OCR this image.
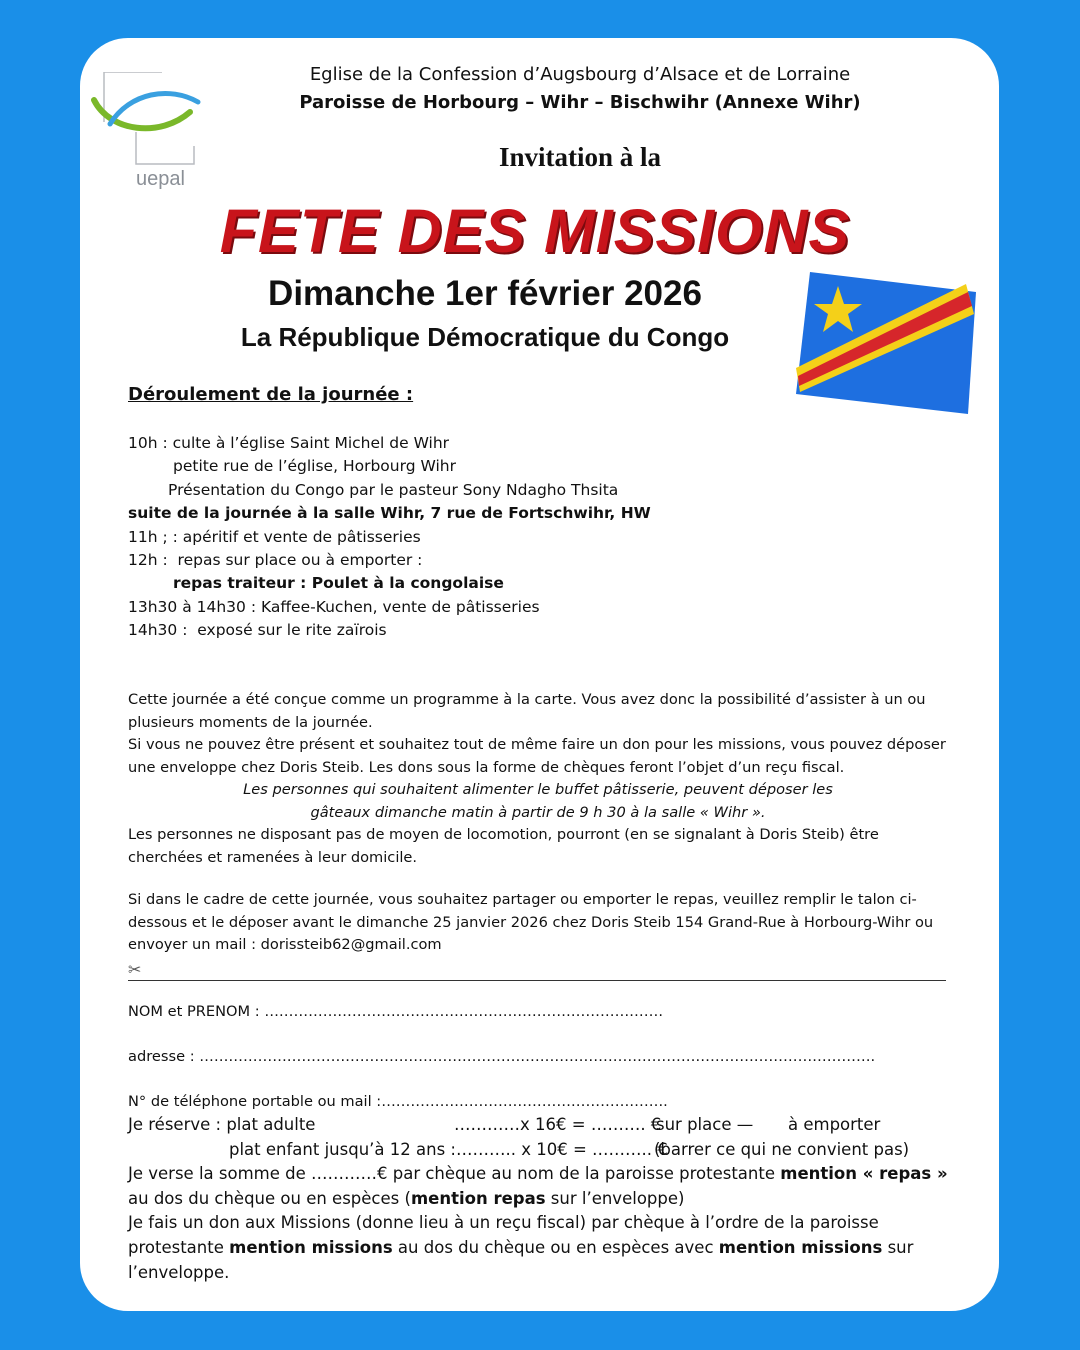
uepal
Eglise de la Confession d’Augsbourg d’Alsace et de Lorraine
Paroisse de Horbourg – Wihr – Bischwihr (Annexe Wihr)
Invitation à la
FETE DES MISSIONS
Dimanche 1er février 2026
La République Démocratique du Congo
Déroulement de la journée :
10h : culte à l’église Saint Michel de Wihr
petite rue de l’église, Horbourg Wihr
Présentation du Congo par le pasteur Sony Ndagho Thsita
suite de la journée à la salle Wihr, 7 rue de Fortschwihr, HW
11h ; : apéritif et vente de pâtisseries
12h :  repas sur place ou à emporter :
repas traiteur : Poulet à la congolaise
13h30 à 14h30 : Kaffee-Kuchen, vente de pâtisseries
14h30 :  exposé sur le rite zaïrois
Cette journée a été conçue comme un programme à la carte. Vous avez donc la possibilité d’assister à un ou plusieurs moments de la journée.
Si vous ne pouvez être présent et souhaitez tout de même faire un don pour les missions, vous pouvez déposer une enveloppe chez Doris Steib. Les dons sous la forme de chèques feront l’objet d’un reçu fiscal.
Les personnes qui souhaitent alimenter le buffet pâtisserie, peuvent déposer les
gâteaux dimanche matin à partir de 9 h 30 à la salle « Wihr ».
Les personnes ne disposant pas de moyen de locomotion, pourront (en se signalant à Doris Steib) être cherchées et ramenées à leur domicile.
Si dans le cadre de cette journée, vous souhaitez partager ou emporter le repas, veuillez remplir le talon ci-dessous et le déposer avant le dimanche 25 janvier 2026 chez Doris Steib 154 Grand-Rue à Horbourg-Wihr ou envoyer un mail : dorissteib62@gmail.com
✂
NOM et PRENOM : ……………………………………………………………………….
adresse : ………………………………………………………………………………………………………………………….
N° de téléphone portable ou mail :…………………………………………………..
Je réserve : plat adulte	…………x 16€ = ………. €
sur place — à emporter
plat enfant jusqu’à 12 ans :……….. x 10€ = ……….. €
(barrer ce qui ne convient pas)
Je verse la somme de …………€ par chèque au nom de la paroisse protestante mention « repas » au dos du chèque ou en espèces (mention repas sur l’enveloppe)
Je fais un don aux Missions (donne lieu à un reçu fiscal) par chèque à l’ordre de la paroisse protestante mention missions au dos du chèque ou en espèces avec mention missions sur l’enveloppe.
